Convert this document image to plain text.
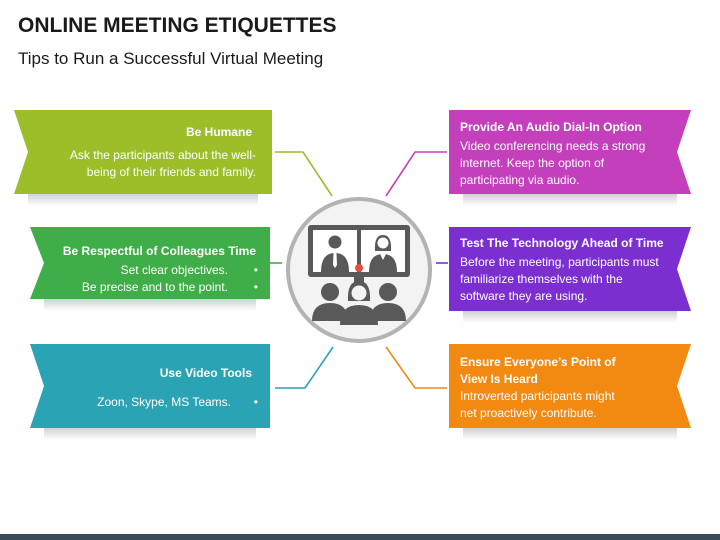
ONLINE MEETING ETIQUETTES

Tips to Run a Successful Virtual Meeting

Be Humane
Ask the participants about the well-
being of their friends and family.
Be Respectful of Colleagues Time
Set clear objectives.
Be precise and to the point.
•
•
Use Video Tools
Zoon, Skype, MS Teams. •
Provide An Audio Dial-In Option
Video conferencing needs a strong
internet. Keep the option of
participating via audio.
Test The Technology Ahead of Time
Before the meeting, participants must
familiarize themselves with the
software they are using.
Ensure Everyone’s Point of
View Is Heard
Introverted participants might
net proactively contribute.
